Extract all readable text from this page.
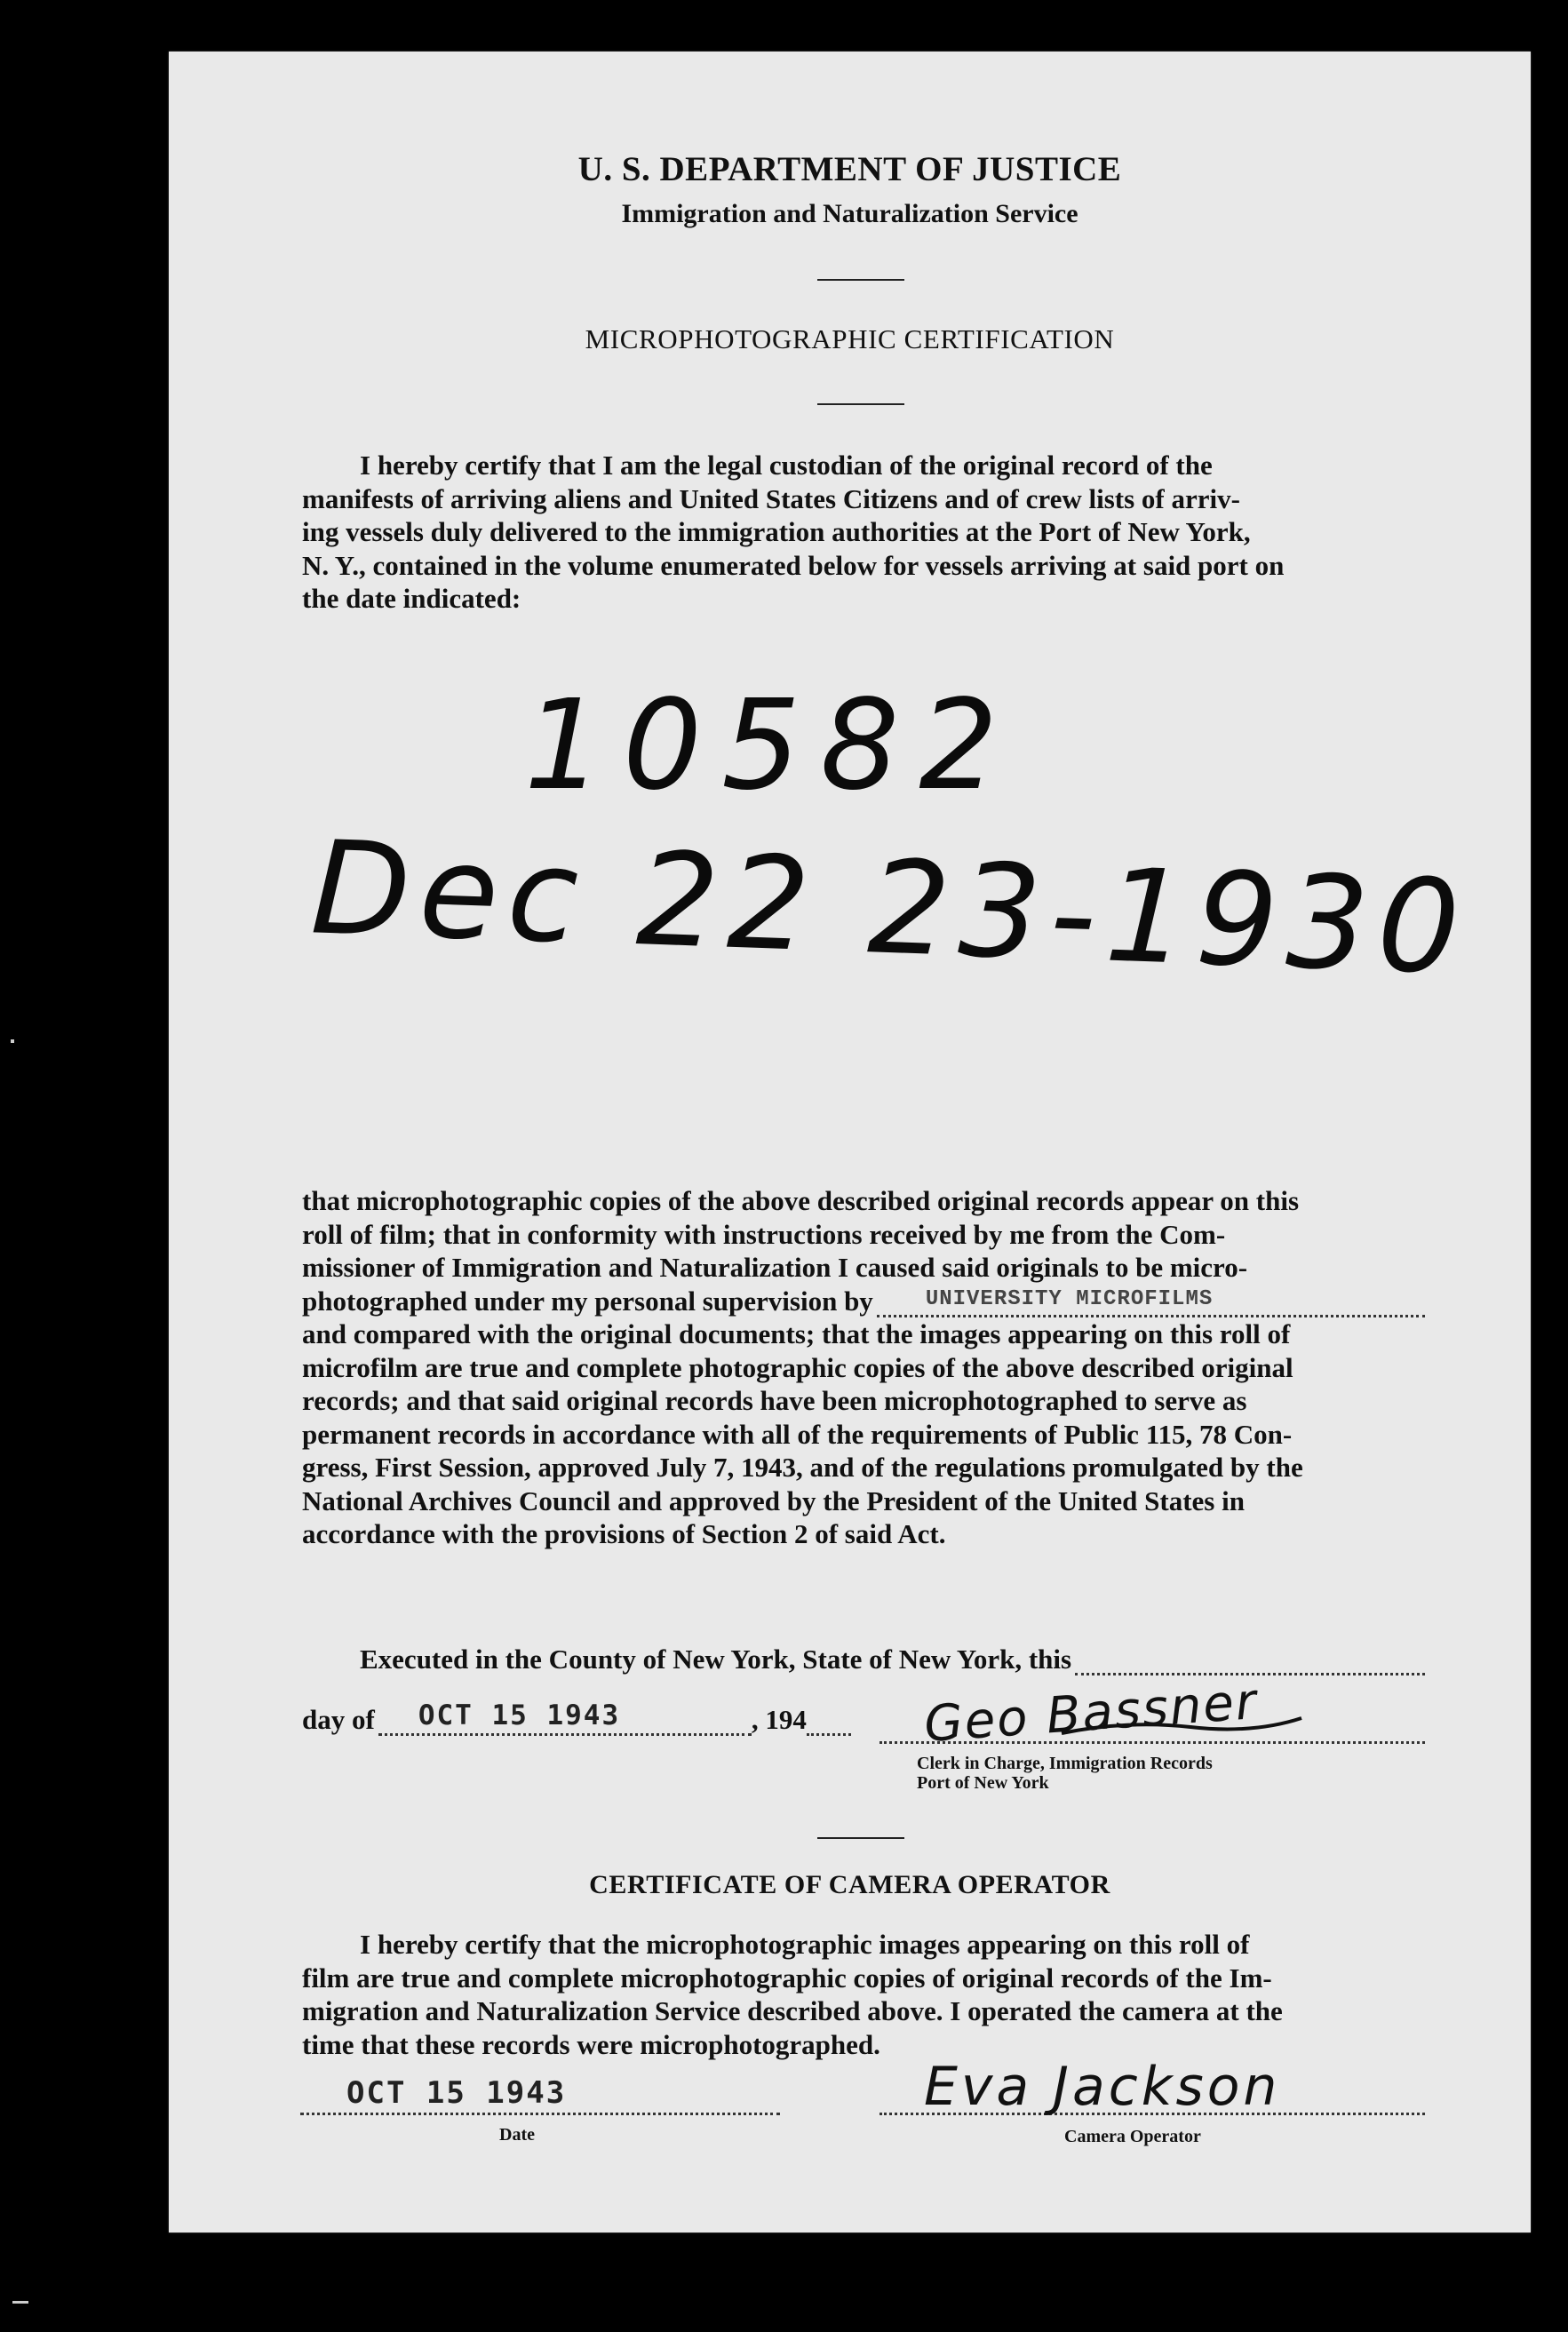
U. S. DEPARTMENT OF JUSTICE
Immigration and Naturalization Service
MICROPHOTOGRAPHIC CERTIFICATION
I hereby certify that I am the legal custodian of the original record of the
manifests of arriving aliens and United States Citizens and of crew lists of arriv-
ing vessels duly delivered to the immigration authorities at the Port of New York,
N. Y., contained in the volume enumerated below for vessels arriving at said port on
the date indicated:
10582
Dec 22 23-1930
that microphotographic copies of the above described original records appear on this
roll of film; that in conformity with instructions received by me from the Com-
missioner of Immigration and Naturalization I caused said originals to be micro-
photographed under my personal supervision by UNIVERSITY MICROFILMS
and compared with the original documents; that the images appearing on this roll of
microfilm are true and complete photographic copies of the above described original
records; and that said original records have been microphotographed to serve as
permanent records in accordance with all of the requirements of Public 115, 78 Con-
gress, First Session, approved July 7, 1943, and of the regulations promulgated by the
National Archives Council and approved by the President of the United States in
accordance with the provisions of Section 2 of said Act.
Executed in the County of New York, State of New York, this
day of OCT 15 1943	, 194 Geo Bassner
Clerk in Charge, Immigration Records
Port of New York
CERTIFICATE OF CAMERA OPERATOR
I hereby certify that the microphotographic images appearing on this roll of
film are true and complete microphotographic copies of original records of the Im-
migration and Naturalization Service described above. I operated the camera at the
time that these records were microphotographed.
OCT 15 1943
Date
Eva Jackson
Camera Operator
